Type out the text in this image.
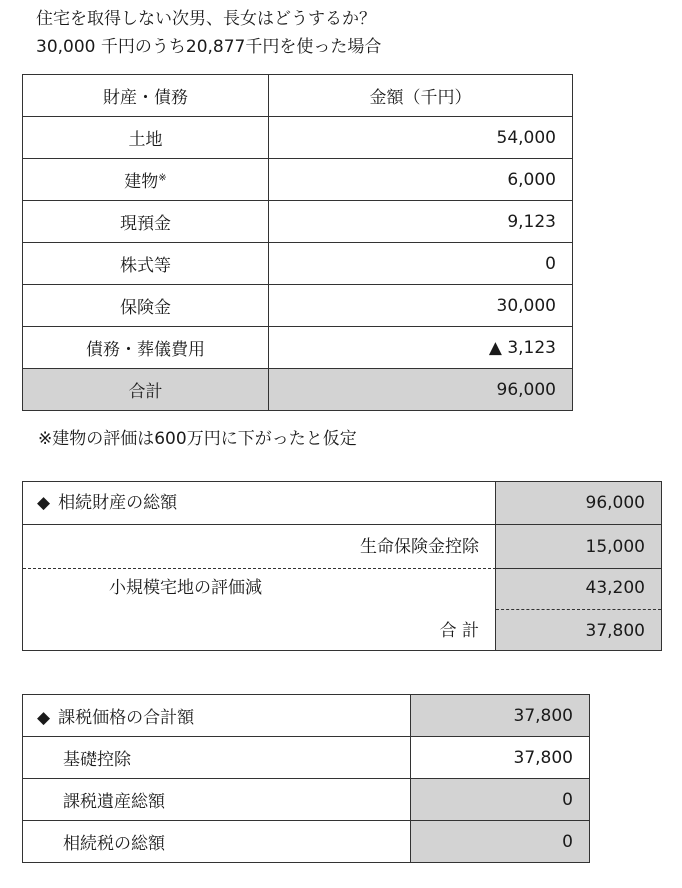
住宅を取得しない次男、長女はどうするか？
30,000 千円のうち20,877千円を使った場合
財産・債務	金額（千円）
土地	54,000
建物※	6,000
現預金	9,123
株式等	0
保険金	30,000
債務・葬儀費用	▲ 3,123
合計	96,000
※建物の評価は600万円に下がったと仮定
◆ 相続財産の総額	96,000
生命保険金控除	15,000
小規模宅地の評価減	43,200
合 計	37,800
◆ 課税価格の合計額	37,800
基礎控除	37,800
課税遺産総額	0
相続税の総額	0
